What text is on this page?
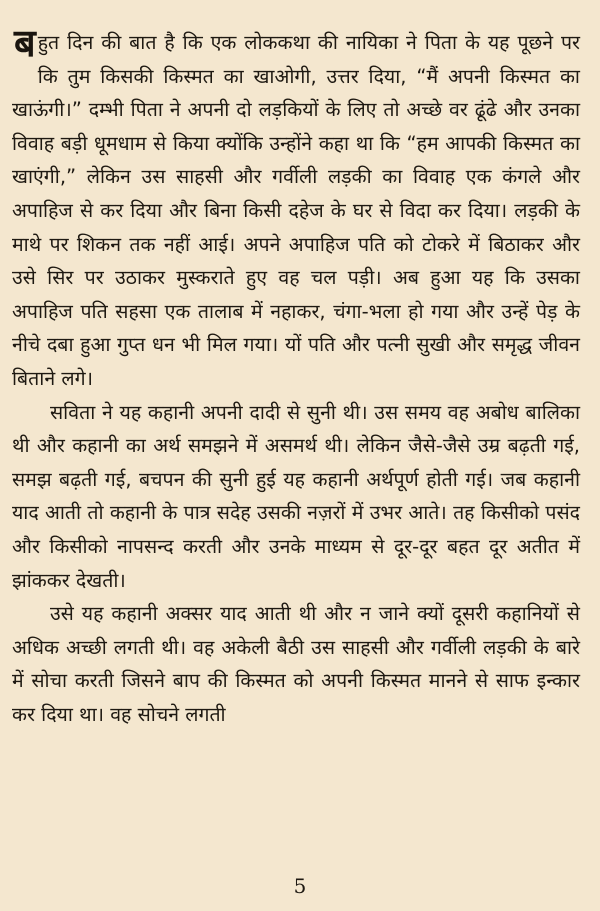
बहुत दिन की बात है कि एक लोककथा की नायिका ने पिता के यह पूछने पर कि तुम किसकी किस्मत का खाओगी, उत्तर दिया, “मैं अपनी किस्मत का खाऊंगी।” दम्भी पिता ने अपनी दो लड़कियों के लिए तो अच्छे वर ढूंढे और उनका विवाह बड़ी धूमधाम से किया क्योंकि उन्होंने कहा था कि “हम आपकी किस्मत का खाएंगी,” लेकिन उस साहसी और गर्वीली लड़की का विवाह एक कंगले और अपाहिज से कर दिया और बिना किसी दहेज के घर से विदा कर दिया। लड़की के माथे पर शिकन तक नहीं आई। अपने अपाहिज पति को टोकरे में बिठाकर और उसे सिर पर उठाकर मुस्कराते हुए वह चल पड़ी। अब हुआ यह कि उसका अपाहिज पति सहसा एक तालाब में नहाकर, चंगा-भला हो गया और उन्हें पेड़ के नीचे दबा हुआ गुप्त धन भी मिल गया। यों पति और पत्नी सुखी और समृद्ध जीवन बिताने लगे।

सविता ने यह कहानी अपनी दादी से सुनी थी। उस समय वह अबोध बालिका थी और कहानी का अर्थ समझने में असमर्थ थी। लेकिन जैसे-जैसे उम्र बढ़ती गई, समझ बढ़ती गई, बचपन की सुनी हुई यह कहानी अर्थपूर्ण होती गई। जब कहानी याद आती तो कहानी के पात्र सदेह उसकी नज़रों में उभर आते। तह किसीको पसंद और किसीको नापसन्द करती और उनके माध्यम से दूर-दूर बहत दूर अतीत में झांककर देखती।

उसे यह कहानी अक्सर याद आती थी और न जाने क्यों दूसरी कहानियों से अधिक अच्छी लगती थी। वह अकेली बैठी उस साहसी और गर्वीली लड़की के बारे में सोचा करती जिसने बाप की किस्मत को अपनी किस्मत मानने से साफ इन्कार कर दिया था। वह सोचने लगती

5
